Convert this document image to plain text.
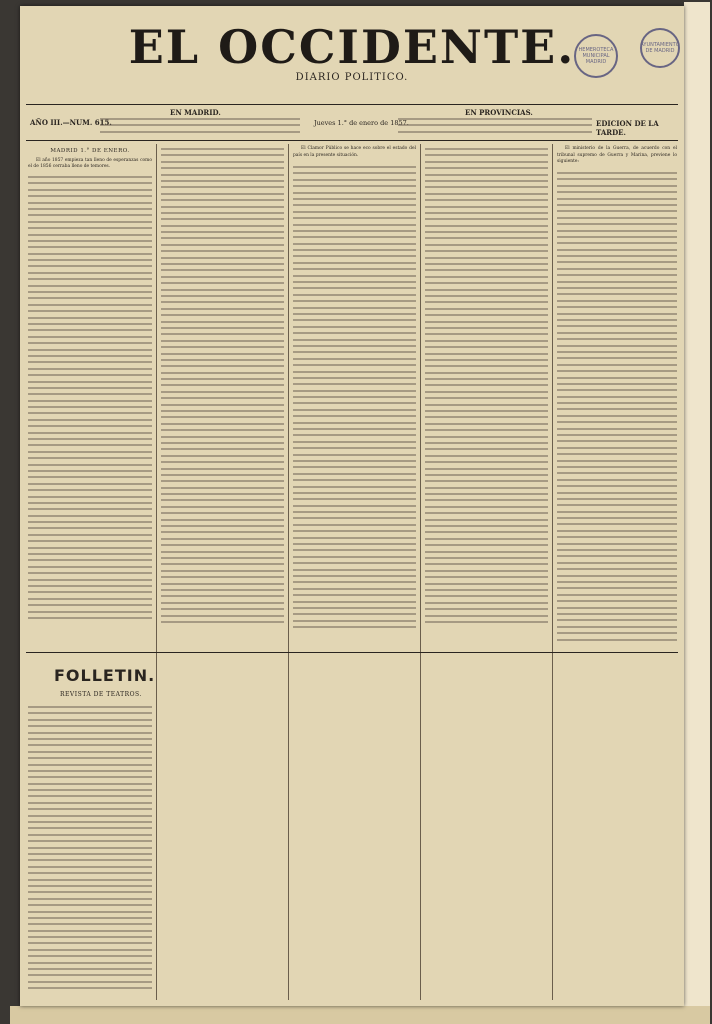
HEMEROTECA MUNICIPAL MADRID
AYUNTAMIENTO DE MADRID
EL OCCIDENTE.
DIARIO POLITICO.
AÑO III.—NUM. 615.
EN MADRID.
Jueves 1.° de enero de 1857.
EN PROVINCIAS.
EDICION DE LA TARDE.

MADRID 1.° DE ENERO.

El año 1857 empieza tan lleno de esperanzas como el de 1856 cerraba lleno de temores.

El Clamor Público se hace eco sobre el estado del país en la presente situación.

El ministerio de la Guerra, de acuerdo con el tribunal supremo de Guerra y Marina, previene lo siguiente:

FOLLETIN.
REVISTA DE TEATROS.
